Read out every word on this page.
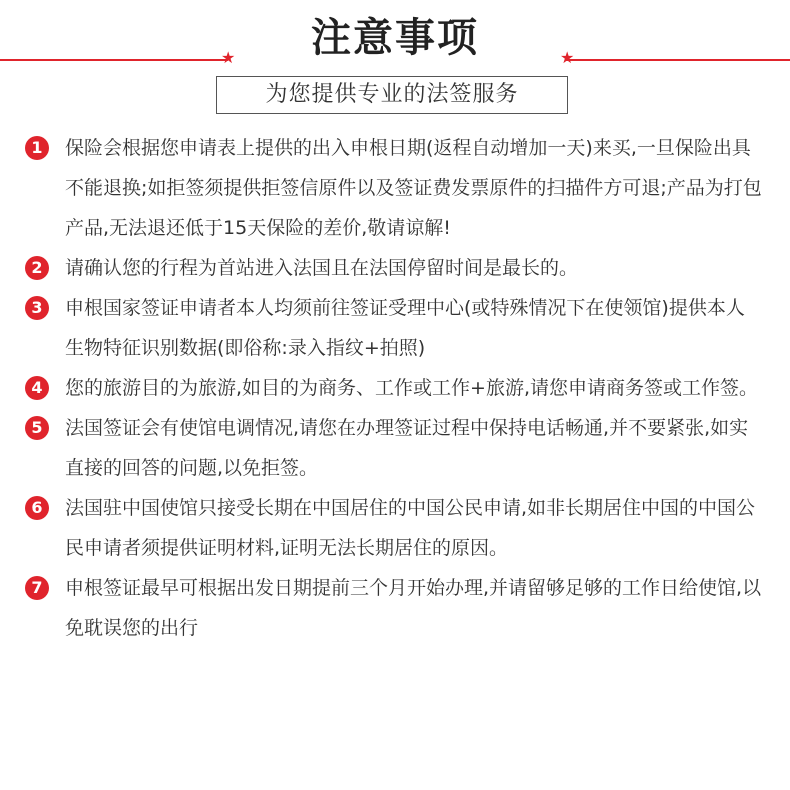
注意事项
★	★
为您提供专业的法签服务
1	保险会根据您申请表上提供的出入申根日期(返程自动增加一天)来买,一旦保险出具不能退换;如拒签须提供拒签信原件以及签证费发票原件的扫描件方可退;产品为打包产品,无法退还低于15天保险的差价,敬请谅解!
2	请确认您的行程为首站进入法国且在法国停留时间是最长的。
3	申根国家签证申请者本人均须前往签证受理中心(或特殊情况下在使领馆)提供本人生物特征识别数据(即俗称:录入指纹+拍照)
4	您的旅游目的为旅游,如目的为商务、工作或工作+旅游,请您申请商务签或工作签。
5	法国签证会有使馆电调情况,请您在办理签证过程中保持电话畅通,并不要紧张,如实直接的回答的问题,以免拒签。
6	法国驻中国使馆只接受长期在中国居住的中国公民申请,如非长期居住中国的中国公民申请者须提供证明材料,证明无法长期居住的原因。
7	申根签证最早可根据出发日期提前三个月开始办理,并请留够足够的工作日给使馆,以免耽误您的出行
